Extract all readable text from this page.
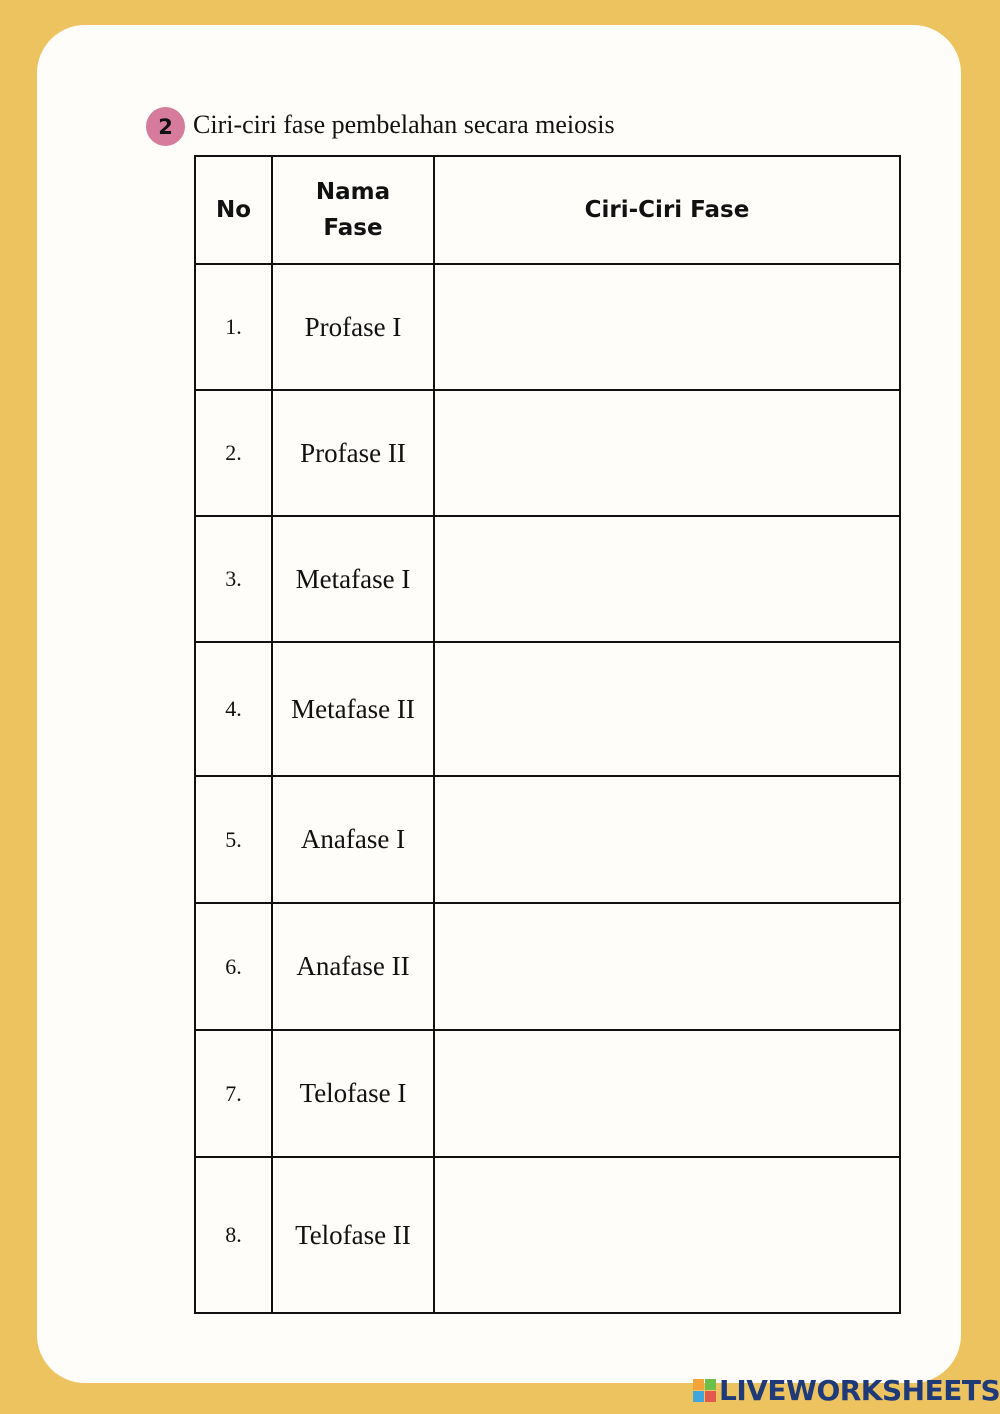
2 Ciri-ciri fase pembelahan secara meiosis
No	Nama Fase	Ciri-Ciri Fase
1.	Profase I	
2.	Profase II	
3.	Metafase I	
4.	Metafase II	
5.	Anafase I	
6.	Anafase II	
7.	Telofase I	
8.	Telofase II	
LIVEWORKSHEETS
